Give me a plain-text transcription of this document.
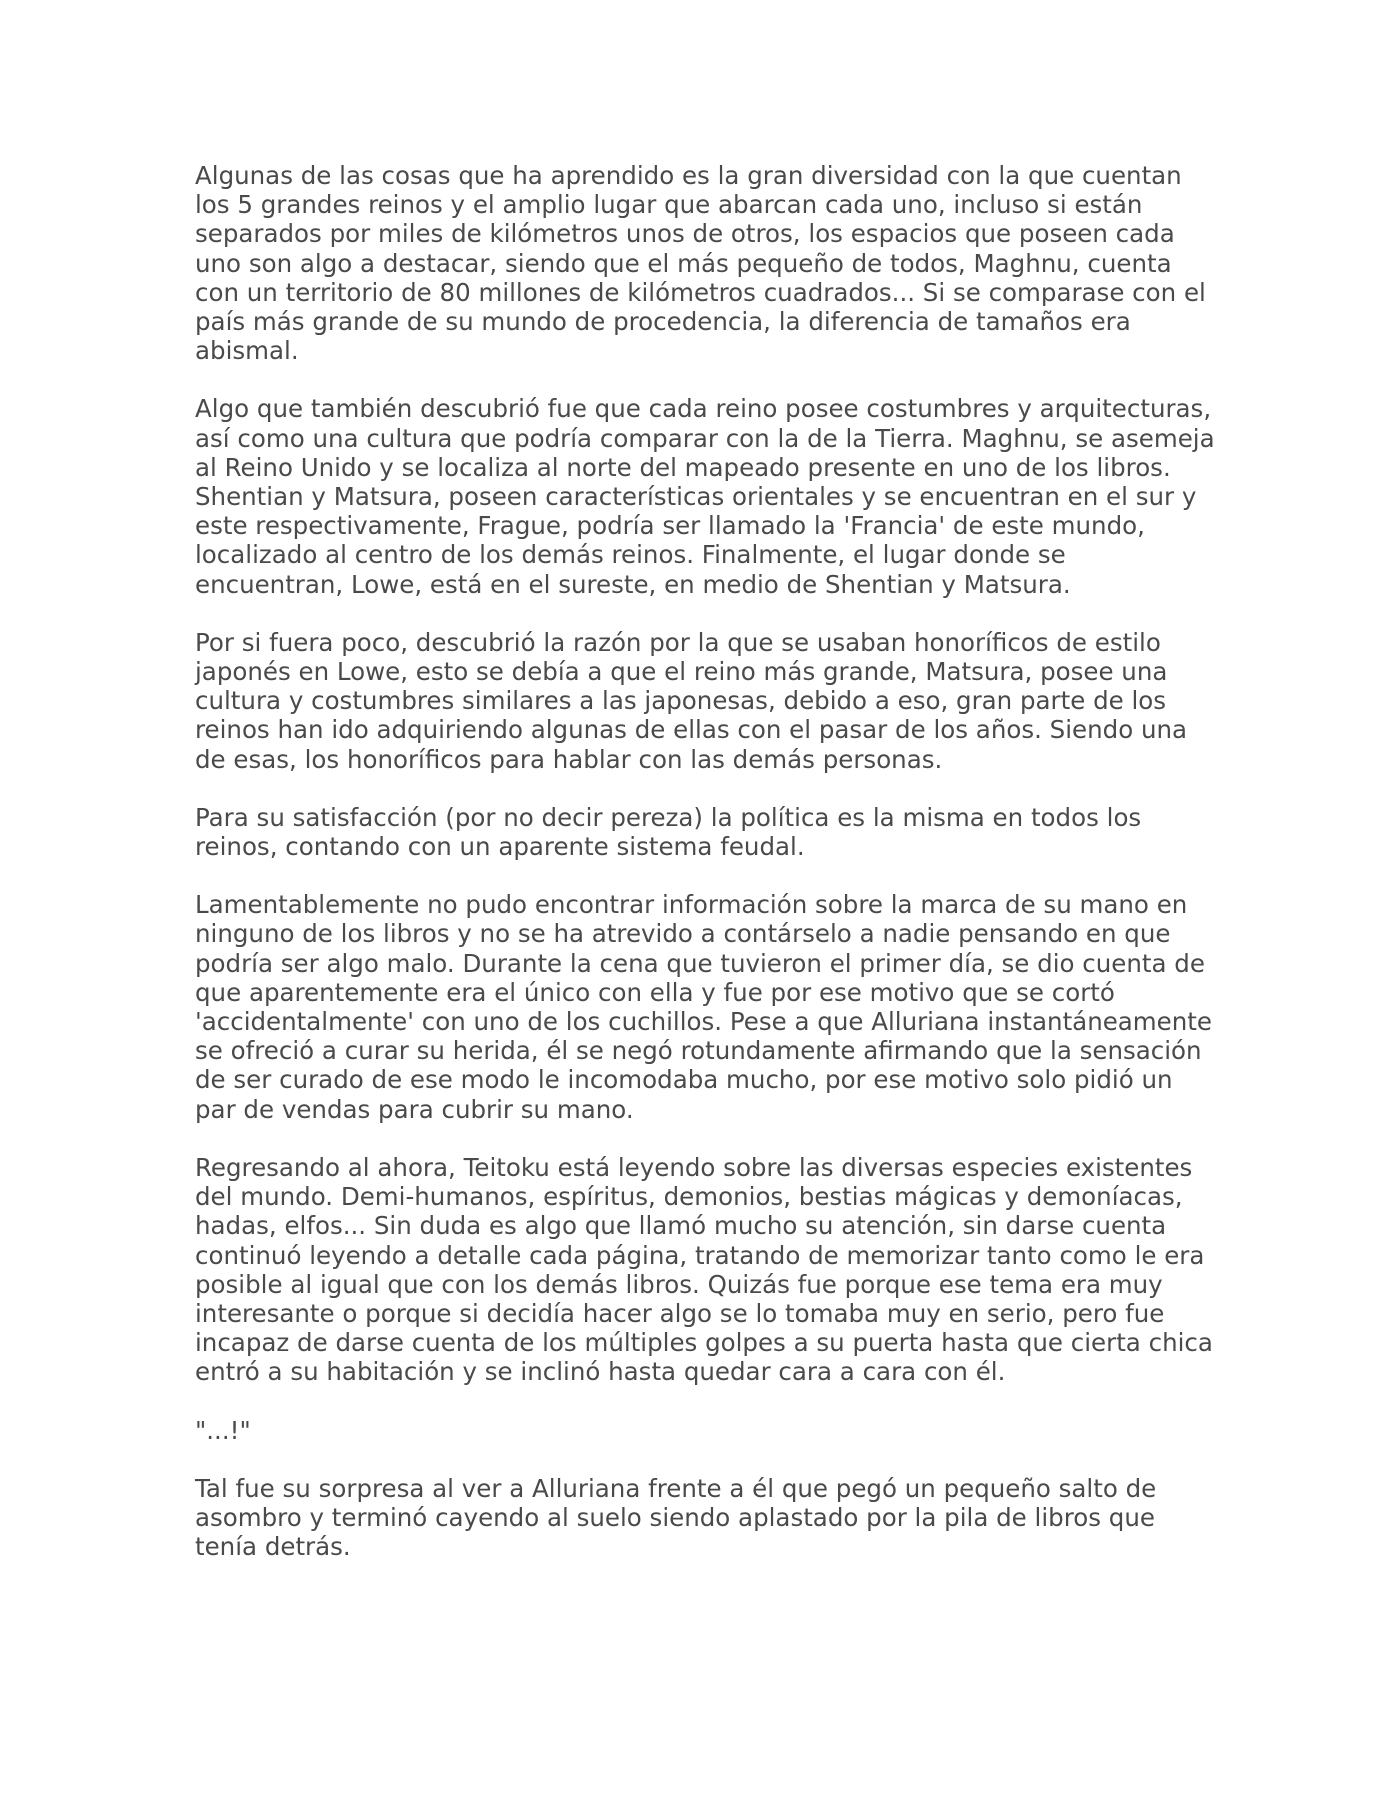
Algunas de las cosas que ha aprendido es la gran diversidad con la que cuentan los 5 grandes reinos y el amplio lugar que abarcan cada uno, incluso si están separados por miles de kilómetros unos de otros, los espacios que poseen cada uno son algo a destacar, siendo que el más pequeño de todos, Maghnu, cuenta con un territorio de 80 millones de kilómetros cuadrados... Si se comparase con el país más grande de su mundo de procedencia, la diferencia de tamaños era abismal.

Algo que también descubrió fue que cada reino posee costumbres y arquitecturas, así como una cultura que podría comparar con la de la Tierra. Maghnu, se asemeja al Reino Unido y se localiza al norte del mapeado presente en uno de los libros. Shentian y Matsura, poseen características orientales y se encuentran en el sur y este respectivamente, Frague, podría ser llamado la 'Francia' de este mundo, localizado al centro de los demás reinos. Finalmente, el lugar donde se encuentran, Lowe, está en el sureste, en medio de Shentian y Matsura.

Por si fuera poco, descubrió la razón por la que se usaban honoríficos de estilo japonés en Lowe, esto se debía a que el reino más grande, Matsura, posee una cultura y costumbres similares a las japonesas, debido a eso, gran parte de los reinos han ido adquiriendo algunas de ellas con el pasar de los años. Siendo una de esas, los honoríficos para hablar con las demás personas.

Para su satisfacción (por no decir pereza) la política es la misma en todos los reinos, contando con un aparente sistema feudal.

Lamentablemente no pudo encontrar información sobre la marca de su mano en ninguno de los libros y no se ha atrevido a contárselo a nadie pensando en que podría ser algo malo. Durante la cena que tuvieron el primer día, se dio cuenta de que aparentemente era el único con ella y fue por ese motivo que se cortó 'accidentalmente' con uno de los cuchillos. Pese a que Alluriana instantáneamente se ofreció a curar su herida, él se negó rotundamente afirmando que la sensación de ser curado de ese modo le incomodaba mucho, por ese motivo solo pidió un par de vendas para cubrir su mano.

Regresando al ahora, Teitoku está leyendo sobre las diversas especies existentes del mundo. Demi-humanos, espíritus, demonios, bestias mágicas y demoníacas, hadas, elfos... Sin duda es algo que llamó mucho su atención, sin darse cuenta continuó leyendo a detalle cada página, tratando de memorizar tanto como le era posible al igual que con los demás libros. Quizás fue porque ese tema era muy interesante o porque si decidía hacer algo se lo tomaba muy en serio, pero fue incapaz de darse cuenta de los múltiples golpes a su puerta hasta que cierta chica entró a su habitación y se inclinó hasta quedar cara a cara con él.

"...!"

Tal fue su sorpresa al ver a Alluriana frente a él que pegó un pequeño salto de asombro y terminó cayendo al suelo siendo aplastado por la pila de libros que tenía detrás.
